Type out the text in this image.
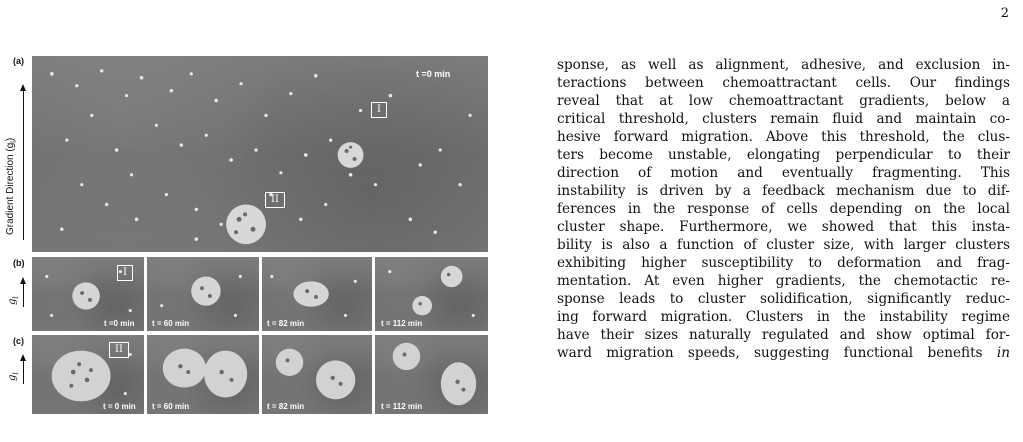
2
(a)
(b)
(c)
Gradient Direction $(g_l)$
$g_l$
$g_l$
t =0 min
I
II
I
t =0 min t = 60 min	t = 82 min	t = 112 min
II
t = 0 min t = 60 min	t = 82 min	t = 112 min
sponse, as well as alignment, adhesive, and exclusion in-
teractions between chemoattractant cells. Our findings
reveal that at low chemoattractant gradients, below a
critical threshold, clusters remain fluid and maintain co-
hesive forward migration. Above this threshold, the clus-
ters become unstable, elongating perpendicular to their
direction of motion and eventually fragmenting. This
instability is driven by a feedback mechanism due to dif-
ferences in the response of cells depending on the local
cluster shape. Furthermore, we showed that this insta-
bility is also a function of cluster size, with larger clusters
exhibiting higher susceptibility to deformation and frag-
mentation. At even higher gradients, the chemotactic re-
sponse leads to cluster solidification, significantly reduc-
ing forward migration. Clusters in the instability regime
have their sizes naturally regulated and show optimal for-
ward migration speeds, suggesting functional benefits in
